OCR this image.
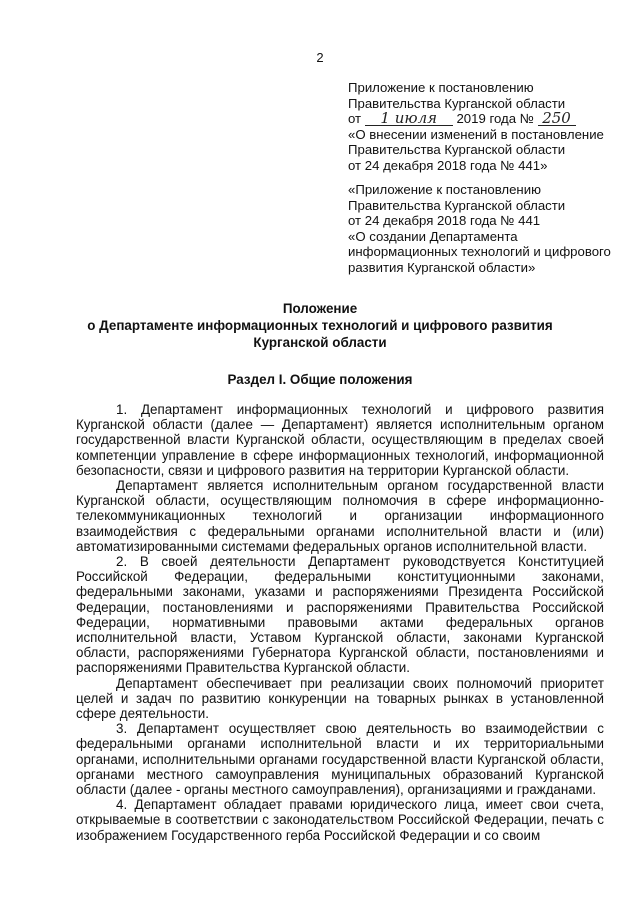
2
Приложение к постановлению
Правительства Курганской области
от 1 июля 2019 года № 250
«О внесении изменений в постановление
Правительства Курганской области
от 24 декабря 2018 года № 441»
«Приложение к постановлению
Правительства Курганской области
от 24 декабря 2018 года № 441
«О создании Департамента
информационных технологий и цифрового
развития Курганской области»
Положение
о Департаменте информационных технологий и цифрового развития
Курганской области
Раздел I. Общие положения

1. Департамент информационных технологий и цифрового развития Курганской области (далее — Департамент) является исполнительным органом государственной власти Курганской области, осуществляющим в пределах своей компетенции управление в сфере информационных технологий, информационной безопасности, связи и цифрового развития на территории Курганской области.

Департамент является исполнительным органом государственной власти Курганской области, осуществляющим полномочия в сфере информационно-телекоммуникационных технологий и организации информационного взаимодействия с федеральными органами исполнительной власти и (или) автоматизированными системами федеральных органов исполнительной власти.

2. В своей деятельности Департамент руководствуется Конституцией Российской Федерации, федеральными конституционными законами, федеральными законами, указами и распоряжениями Президента Российской Федерации, постановлениями и распоряжениями Правительства Российской Федерации, нормативными правовыми актами федеральных органов исполнительной власти, Уставом Курганской области, законами Курганской области, распоряжениями Губернатора Курганской области, постановлениями и распоряжениями Правительства Курганской области.

Департамент обеспечивает при реализации своих полномочий приоритет целей и задач по развитию конкуренции на товарных рынках в установленной сфере деятельности.

3. Департамент осуществляет свою деятельность во взаимодействии с федеральными органами исполнительной власти и их территориальными органами, исполнительными органами государственной власти Курганской области, органами местного самоуправления муниципальных образований Курганской области (далее - органы местного самоуправления), организациями и гражданами.

4. Департамент обладает правами юридического лица, имеет свои счета, открываемые в соответствии с законодательством Российской Федерации, печать с изображением Государственного герба Российской Федерации и со своим
